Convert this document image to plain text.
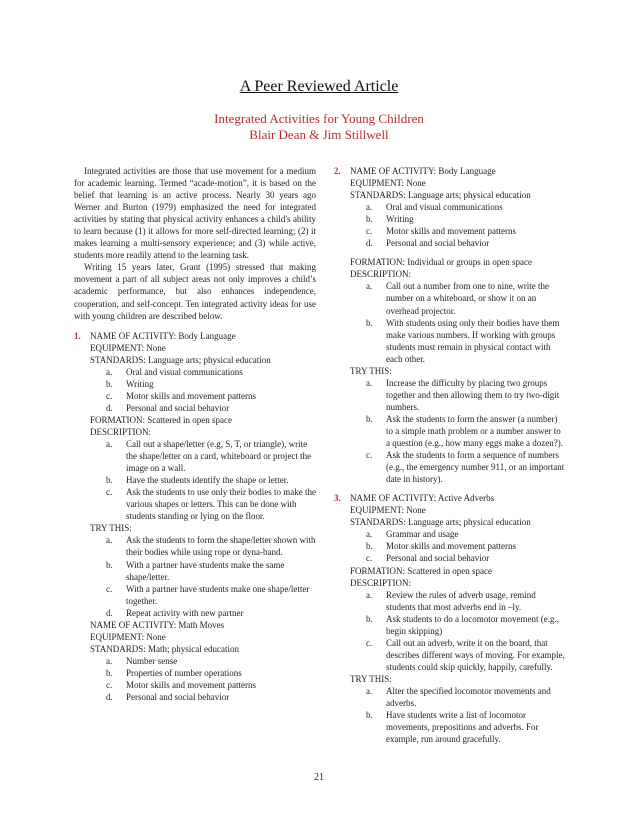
A Peer Reviewed Article
Integrated Activities for Young Children
Blair Dean & Jim Stillwell

Integrated activities are those that use movement for a medium for academic learning. Termed “acade-motion”, it is based on the belief that learning is an active process. Nearly 30 years ago Werner and Burton (1979) emphasized the need for integrated activities by stating that physical activity enhances a child's ability to learn because (1) it allows for more self-directed learning; (2) it makes learning a multi-sensory experience; and (3) while active, students more readily attend to the learning task.

Writing 15 years later, Grant (1995) stressed that making movement a part of all subject areas not only improves a child’s academic performance, but also enhances independence, cooperation, and self-concept. Ten integrated activity ideas for use with young children are described below.

1. NAME OF ACTIVITY: Body Language
EQUIPMENT: None
STANDARDS: Language arts; physical education
a. Oral and visual communications
b. Writing
c. Motor skills and movement patterns
d. Personal and social behavior
FORMATION: Scattered in open space
DESCRIPTION:
a. Call out a shape/letter (e.g, S, T, or triangle), write the shape/letter on a card, whiteboard or project the image on a wall.
b. Have the students identify the shape or letter.
c. Ask the students to use only their bodies to make the various shapes or letters. This can be done with students standing or lying on the floor.
TRY THIS:
a. Ask the students to form the shape/letter shown with their bodies while using rope or dyna-band.
b. With a partner have students make the same shape/letter.
c. With a partner have students make one shape/letter together.
d. Repeat activity with new partner
NAME OF ACTIVITY: Math Moves
EQUIPMENT: None
STANDARDS: Math; physical education
a. Number sense
b. Properties of number operations
c. Motor skills and movement patterns
d. Personal and social behavior
2. NAME OF ACTIVITY: Body Language
EQUIPMENT: None
STANDARDS: Language arts; physical education
a. Oral and visual communications
b. Writing
c. Motor skills and movement patterns
d. Personal and social behavior
FORMATION: Individual or groups in open space
DESCRIPTION:
a. Call out a number from one to nine, write the number on a whiteboard, or show it on an overhead projector.
b. With students using only their bodies have them make various numbers. If working with groups students must remain in physical contact with each other.
TRY THIS:
a. Increase the difficulty by placing two groups together and then allowing them to try two-digit numbers.
b. Ask the students to form the answer (a number) to a simple math problem or a number answer to a question (e.g., how many eggs make a dozen?).
c. Ask the students to form a sequence of numbers (e.g., the emergency number 911, or an important date in history).
3. NAME OF ACTIVITY: Active Adverbs
EQUIPMENT: None
STANDARDS: Language arts; physical education
a. Grammar and usage
b. Motor skills and movement patterns
c. Personal and social behavior
FORMATION: Scattered in open space
DESCRIPTION:
a. Review the rules of adverb usage, remind students that most adverbs end in –ly.
b. Ask students to do a locomotor movement (e.g., begin skipping)
c. Call out an adverb, write it on the board, that describes different ways of moving. For example, students could skip quickly, happily, carefully.
TRY THIS:
a. Alter the specified locomotor movements and adverbs.
b. Have students write a list of locomotor movements, prepositions and adverbs. For example, run around gracefully.
21
